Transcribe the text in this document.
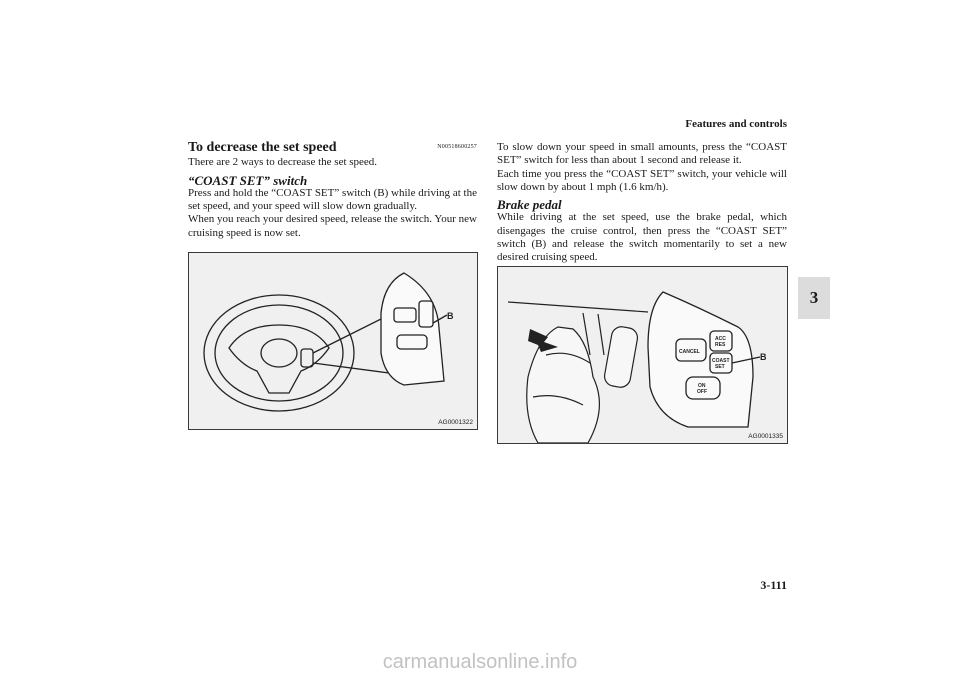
Features and controls
3
To decrease the set speed	N00518600257

There are 2 ways to decrease the set speed.

“COAST SET” switch

Press and hold the “COAST SET” switch (B) while driving at the set speed, and your speed will slow down gradually.

When you reach your desired speed, release the switch. Your new cruising speed is now set.

B
AG0001322

To slow down your speed in small amounts, press the “COAST SET” switch for less than about 1 second and release it.

Each time you press the “COAST SET” switch, your vehicle will slow down by about 1 mph (1.6 km/h).

Brake pedal

While driving at the set speed, use the brake pedal, which disengages the cruise control, then press the “COAST SET” switch (B) and release the switch momentarily to set a new desired cruising speed.

CANCEL
ACC
RES
COAST
SET
ON
OFF
B
AG0001335
3-111
carmanualsonline.info
